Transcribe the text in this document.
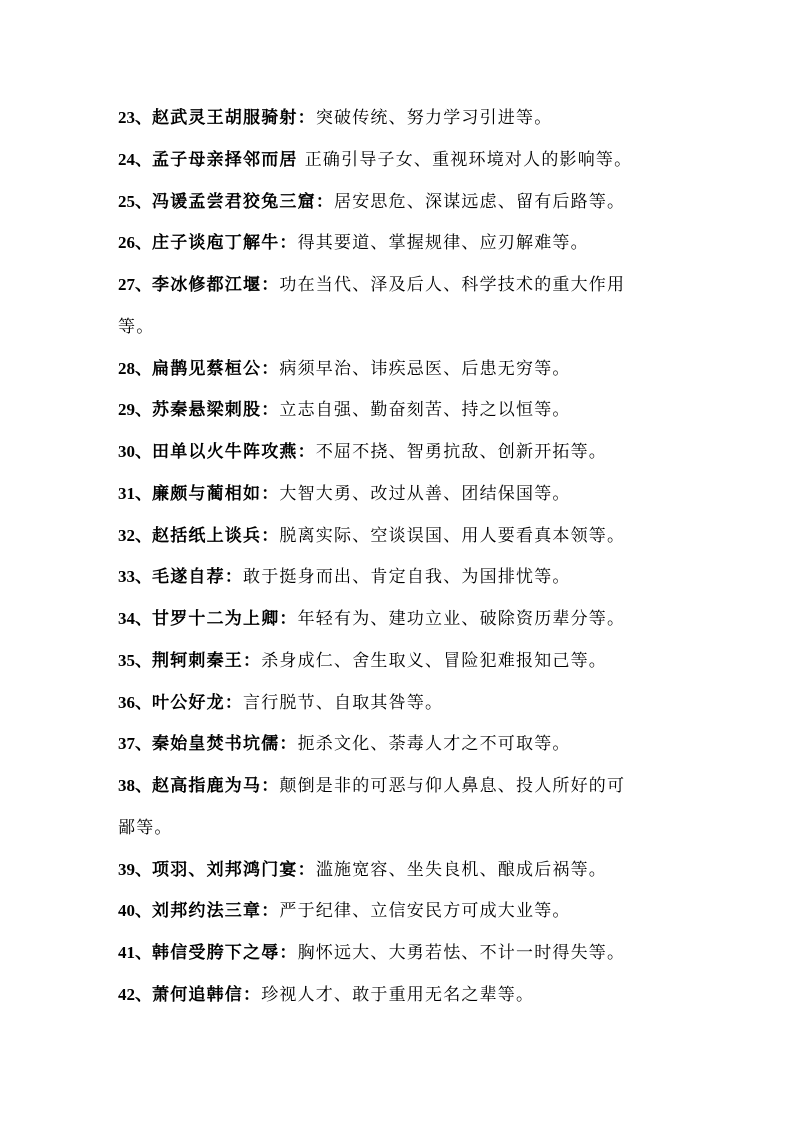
23、赵武灵王胡服骑射：突破传统、努力学习引进等。
24、孟子母亲择邻而居 正确引导子女、重视环境对人的影响等。
25、冯谖孟尝君狡兔三窟：居安思危、深谋远虑、留有后路等。
26、庄子谈庖丁解牛：得其要道、掌握规律、应刃解难等。
27、李冰修都江堰：功在当代、泽及后人、科学技术的重大作用
等。
28、扁鹊见蔡桓公：病须早治、讳疾忌医、后患无穷等。
29、苏秦悬梁刺股：立志自强、勤奋刻苦、持之以恒等。
30、田单以火牛阵攻燕：不屈不挠、智勇抗敌、创新开拓等。
31、廉颇与蔺相如：大智大勇、改过从善、团结保国等。
32、赵括纸上谈兵：脱离实际、空谈误国、用人要看真本领等。
33、毛遂自荐：敢于挺身而出、肯定自我、为国排忧等。
34、甘罗十二为上卿：年轻有为、建功立业、破除资历辈分等。
35、荆轲刺秦王：杀身成仁、舍生取义、冒险犯难报知己等。
36、叶公好龙：言行脱节、自取其咎等。
37、秦始皇焚书坑儒：扼杀文化、荼毒人才之不可取等。
38、赵高指鹿为马：颠倒是非的可恶与仰人鼻息、投人所好的可
鄙等。
39、项羽、刘邦鸿门宴：滥施宽容、坐失良机、酿成后祸等。
40、刘邦约法三章：严于纪律、立信安民方可成大业等。
41、韩信受胯下之辱：胸怀远大、大勇若怯、不计一时得失等。
42、萧何追韩信：珍视人才、敢于重用无名之辈等。
